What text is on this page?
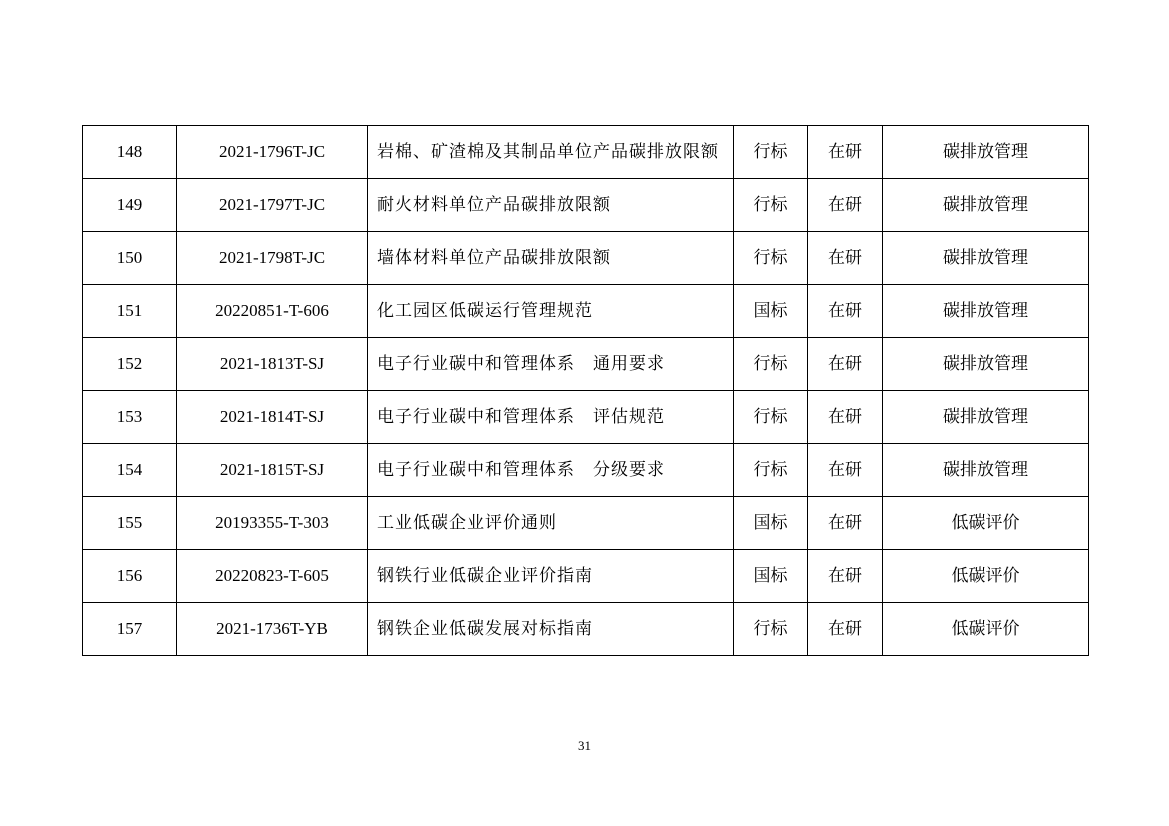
148	2021-1796T-JC	岩棉、矿渣棉及其制品单位产品碳排放限额	行标	在研	碳排放管理
149	2021-1797T-JC	耐火材料单位产品碳排放限额	行标	在研	碳排放管理
150	2021-1798T-JC	墙体材料单位产品碳排放限额	行标	在研	碳排放管理
151	20220851-T-606	化工园区低碳运行管理规范	国标	在研	碳排放管理
152	2021-1813T-SJ	电子行业碳中和管理体系　通用要求	行标	在研	碳排放管理
153	2021-1814T-SJ	电子行业碳中和管理体系　评估规范	行标	在研	碳排放管理
154	2021-1815T-SJ	电子行业碳中和管理体系　分级要求	行标	在研	碳排放管理
155	20193355-T-303	工业低碳企业评价通则	国标	在研	低碳评价
156	20220823-T-605	钢铁行业低碳企业评价指南	国标	在研	低碳评价
157	2021-1736T-YB	钢铁企业低碳发展对标指南	行标	在研	低碳评价
31
